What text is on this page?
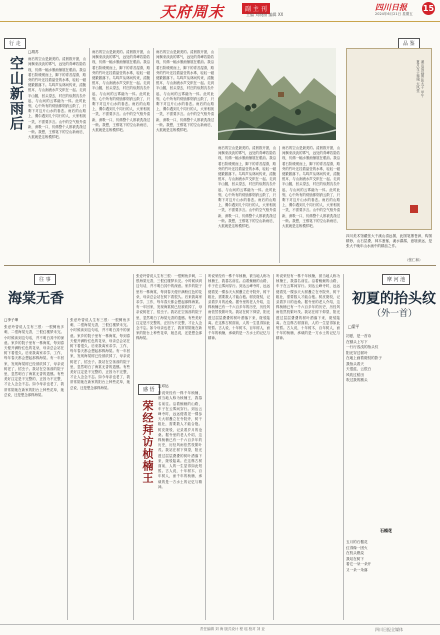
天府周末	副 主 刊
主编 刘晓丽 编辑 XX
四川日报 15
2024年6月21日 星期五
行 走	品 鉴
空山新雨后
□胡苏
雨后的空山是最美的。清晨推开窗，山间飘来淡淡的雾气，远处的青峰若隐若现，仿佛一幅水墨画铺展在眼前。我沿着石阶缓缓而上，脚下的青苔湿滑，路旁的竹叶还挂着晶莹的水珠，轻轻一碰便簌簌落下。鸟鸣声从林间传来，清脆悦耳，与山涧流水声交织在一起。走到半山腰，回头望去，村庄的炊烟袅袅升起，与山间的云雾融为一体。此时此刻，心中所有的烦恼都烟消云散了，只剩下对这片山水的眷恋。雨后的山路上，偶尔遇到几个同行的人，大家相视一笑，不需要多言。山中的空气格外清新，深吸一口，仿佛整个人都被洗涤过一般。我想，王维笔下的空山新雨后，大抵就是这般模样吧。
雨后的空山是最美的。清晨推开窗，山间飘来淡淡的雾气，远处的青峰若隐若现，仿佛一幅水墨画铺展在眼前。我沿着石阶缓缓而上，脚下的青苔湿滑，路旁的竹叶还挂着晶莹的水珠，轻轻一碰便簌簌落下。鸟鸣声从林间传来，清脆悦耳，与山涧流水声交织在一起。走到半山腰，回头望去，村庄的炊烟袅袅升起，与山间的云雾融为一体。此时此刻，心中所有的烦恼都烟消云散了，只剩下对这片山水的眷恋。雨后的山路上，偶尔遇到几个同行的人，大家相视一笑，不需要多言。山中的空气格外清新，深吸一口，仿佛整个人都被洗涤过一般。我想，王维笔下的空山新雨后，大抵就是这般模样吧。
雨后的空山是最美的。清晨推开窗，山间飘来淡淡的雾气，远处的青峰若隐若现，仿佛一幅水墨画铺展在眼前。我沿着石阶缓缓而上，脚下的青苔湿滑，路旁的竹叶还挂着晶莹的水珠，轻轻一碰便簌簌落下。鸟鸣声从林间传来，清脆悦耳，与山涧流水声交织在一起。走到半山腰，回头望去，村庄的炊烟袅袅升起，与山间的云雾融为一体。此时此刻，心中所有的烦恼都烟消云散了，只剩下对这片山水的眷恋。雨后的山路上，偶尔遇到几个同行的人，大家相视一笑，不需要多言。山中的空气格外清新，深吸一口，仿佛整个人都被洗涤过一般。我想，王维笔下的空山新雨后，大抵就是这般模样吧。
溪山清远图 张大千 甲午夏月写于蓉城 大风堂
四川美术馆藏张大千溪山清远图，此图笔墨苍润，构图精妙，山石层叠，林木葱郁，溪水潺潺，意境深远，是张大千晚年山水画中的精品之作。
（张仁和）
雨后的空山是最美的。清晨推开窗，山间飘来淡淡的雾气，远处的青峰若隐若现，仿佛一幅水墨画铺展在眼前。我沿着石阶缓缓而上，脚下的青苔湿滑，路旁的竹叶还挂着晶莹的水珠，轻轻一碰便簌簌落下。鸟鸣声从林间传来，清脆悦耳，与山涧流水声交织在一起。走到半山腰，回头望去，村庄的炊烟袅袅升起，与山间的云雾融为一体。此时此刻，心中所有的烦恼都烟消云散了，只剩下对这片山水的眷恋。雨后的山路上，偶尔遇到几个同行的人，大家相视一笑，不需要多言。山中的空气格外清新，深吸一口，仿佛整个人都被洗涤过一般。我想，王维笔下的空山新雨后，大抵就是这般模样吧。
雨后的空山是最美的。清晨推开窗，山间飘来淡淡的雾气，远处的青峰若隐若现，仿佛一幅水墨画铺展在眼前。我沿着石阶缓缓而上，脚下的青苔湿滑，路旁的竹叶还挂着晶莹的水珠，轻轻一碰便簌簌落下。鸟鸣声从林间传来，清脆悦耳，与山涧流水声交织在一起。走到半山腰，回头望去，村庄的炊烟袅袅升起，与山间的云雾融为一体。此时此刻，心中所有的烦恼都烟消云散了，只剩下对这片山水的眷恋。雨后的山路上，偶尔遇到几个同行的人，大家相视一笑，不需要多言。山中的空气格外清新，深吸一口，仿佛整个人都被洗涤过一般。我想，王维笔下的空山新雨后，大抵就是这般模样吧。
往 事
海棠无香
摩 河 池
初夏的抬头纹
（外一首）
□李子坤
张爱玲曾说人生有三恨：一恨鲥鱼多刺，二恨海棠无香，三恨红楼梦未完。小时候读到这句话，并不明白其中的深意。家乡的院子里有一株海棠，每到春天便开满粉红色的花朵，母亲总会站在树下看很久。后来我离家求学、工作，每年春天都会想起那株海棠。有一年回家，发现海棠树已经被砍掉了，母亲说树老了，招虫子。我站在空荡荡的院子里，忽然明白了海棠无香的遗憾。有些美好注定是不完整的，正因为不完整，才让人念念不忘。如今母亲也老了，我常常陪她在新家的阳台上种些花草，她总说，还是想念那株海棠。
张爱玲曾说人生有三恨：一恨鲥鱼多刺，二恨海棠无香，三恨红楼梦未完。小时候读到这句话，并不明白其中的深意。家乡的院子里有一株海棠，每到春天便开满粉红色的花朵，母亲总会站在树下看很久。后来我离家求学、工作，每年春天都会想起那株海棠。有一年回家，发现海棠树已经被砍掉了，母亲说树老了，招虫子。我站在空荡荡的院子里，忽然明白了海棠无香的遗憾。有些美好注定是不完整的，正因为不完整，才让人念念不忘。如今母亲也老了，我常常陪她在新家的阳台上种些花草，她总说，还是想念那株海棠。	感 悟
荣经拜访桢楠王
张爱玲曾说人生有三恨：一恨鲥鱼多刺，二恨海棠无香，三恨红楼梦未完。小时候读到这句话，并不明白其中的深意。家乡的院子里有一株海棠，每到春天便开满粉红色的花朵，母亲总会站在树下看很久。后来我离家求学、工作，每年春天都会想起那株海棠。有一年回家，发现海棠树已经被砍掉了，母亲说树老了，招虫子。我站在空荡荡的院子里，忽然明白了海棠无香的遗憾。有些美好注定是不完整的，正因为不完整，才让人念念不忘。如今母亲也老了，我常常陪她在新家的阳台上种些花草，她总说，还是想念那株海棠。
□邓运
听说荣经有一株千年桢楠，被当地人称为桢楠王，我慕名前往。沿着蜿蜒的山路，车子在云雾间穿行。到达云峰寺时，远远便看见一棵参天大树矗立在寺院旁，树干粗壮，需要数人才能合抱。树皮斑驳，记录着岁月的沧桑。据寺里的老人介绍，这株桢楠已有一千六百多年的历史，历经风雨依然枝繁叶茂。我站在树下仰望，阳光透过层层叠叠的树叶洒落下来，斑驳陆离。在这株古树面前，人的一生显得如此短暂。古人说，十年树木，百年树人，而千年的桢楠，承载的是一方水土的记忆与精神。
听说荣经有一株千年桢楠，被当地人称为桢楠王，我慕名前往。沿着蜿蜒的山路，车子在云雾间穿行。到达云峰寺时，远远便看见一棵参天大树矗立在寺院旁，树干粗壮，需要数人才能合抱。树皮斑驳，记录着岁月的沧桑。据寺里的老人介绍，这株桢楠已有一千六百多年的历史，历经风雨依然枝繁叶茂。我站在树下仰望，阳光透过层层叠叠的树叶洒落下来，斑驳陆离。在这株古树面前，人的一生显得如此短暂。古人说，十年树木，百年树人，而千年的桢楠，承载的是一方水土的记忆与精神。
听说荣经有一株千年桢楠，被当地人称为桢楠王，我慕名前往。沿着蜿蜒的山路，车子在云雾间穿行。到达云峰寺时，远远便看见一棵参天大树矗立在寺院旁，树干粗壮，需要数人才能合抱。树皮斑驳，记录着岁月的沧桑。据寺里的老人介绍，这株桢楠已有一千六百多年的历史，历经风雨依然枝繁叶茂。我站在树下仰望，阳光透过层层叠叠的树叶洒落下来，斑驳陆离。在这株古树面前，人的一生显得如此短暂。古人说，十年树木，百年树人，而千年的桢楠，承载的是一方水土的记忆与精神。
□梁平
初夏，是一首诗
在额头上写下
一行行浅浅的抬头纹
阳光穿过树叶
在地上画着斑驳的影子
我抬头看天
天很蓝，云很白
风吹过稻田
吹过我的额头
石榴花
五月的石榴花
红得像一团火
在枝头燃烧
我站在树下
看它一朵一朵开
又一朵一朵落
责任编辑 刘 海 版式设计 程 瑶 校对 刘 亚	四川日报全媒体
